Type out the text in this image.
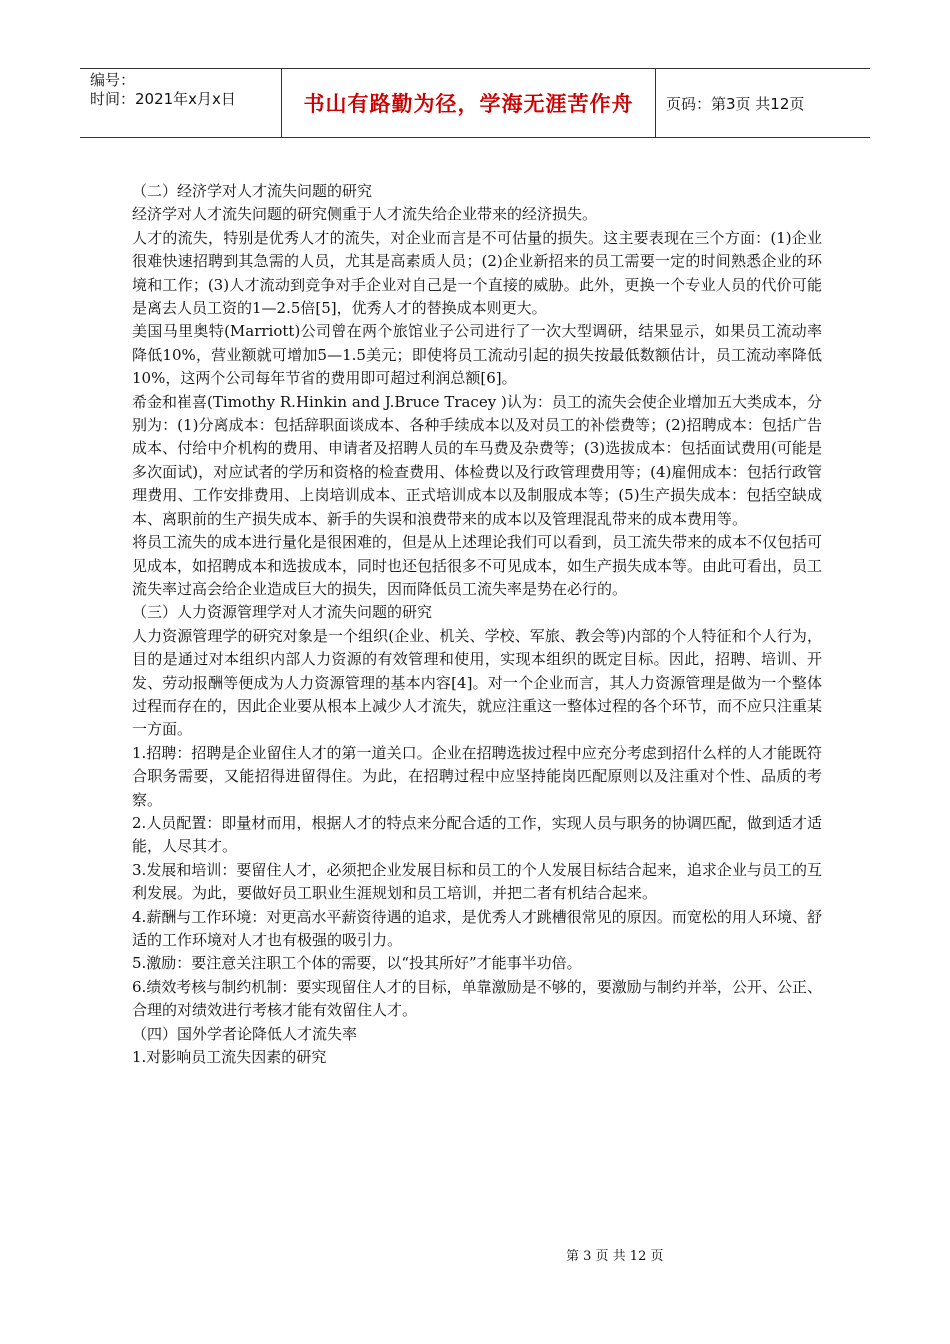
编号：
时间：2021年x月x日	书山有路勤为径，学海无涯苦作舟	页码：第3页 共12页

（二）经济学对人才流失问题的研究

经济学对人才流失问题的研究侧重于人才流失给企业带来的经济损失。

人才的流失，特别是优秀人才的流失，对企业而言是不可估量的损失。这主要表现在三个方面：(1)企业很难快速招聘到其急需的人员，尤其是高素质人员；(2)企业新招来的员工需要一定的时间熟悉企业的环境和工作；(3)人才流动到竞争对手企业对自己是一个直接的威胁。此外，更换一个专业人员的代价可能是离去人员工资的1—2.5倍[5]，优秀人才的替换成本则更大。

美国马里奥特(Marriott)公司曾在两个旅馆业子公司进行了一次大型调研，结果显示，如果员工流动率降低10%，营业额就可增加5—1.5美元；即使将员工流动引起的损失按最低数额估计，员工流动率降低10%，这两个公司每年节省的费用即可超过利润总额[6]。

希金和崔喜(Timothy R.Hinkin and J.Bruce Tracey )认为：员工的流失会使企业增加五大类成本，分别为：(1)分离成本：包括辞职面谈成本、各种手续成本以及对员工的补偿费等；(2)招聘成本：包括广告成本、付给中介机构的费用、申请者及招聘人员的车马费及杂费等；(3)选拔成本：包括面试费用(可能是多次面试)，对应试者的学历和资格的检查费用、体检费以及行政管理费用等；(4)雇佣成本：包括行政管理费用、工作安排费用、上岗培训成本、正式培训成本以及制服成本等；(5)生产损失成本：包括空缺成本、离职前的生产损失成本、新手的失误和浪费带来的成本以及管理混乱带来的成本费用等。

将员工流失的成本进行量化是很困难的，但是从上述理论我们可以看到，员工流失带来的成本不仅包括可见成本，如招聘成本和选拔成本，同时也还包括很多不可见成本，如生产损失成本等。由此可看出，员工流失率过高会给企业造成巨大的损失，因而降低员工流失率是势在必行的。

（三）人力资源管理学对人才流失问题的研究

人力资源管理学的研究对象是一个组织(企业、机关、学校、军旅、教会等)内部的个人特征和个人行为，目的是通过对本组织内部人力资源的有效管理和使用，实现本组织的既定目标。因此，招聘、培训、开发、劳动报酬等便成为人力资源管理的基本内容[4]。对一个企业而言，其人力资源管理是做为一个整体过程而存在的，因此企业要从根本上减少人才流失，就应注重这一整体过程的各个环节，而不应只注重某一方面。

1.招聘：招聘是企业留住人才的第一道关口。企业在招聘选拔过程中应充分考虑到招什么样的人才能既符合职务需要，又能招得进留得住。为此，在招聘过程中应坚持能岗匹配原则以及注重对个性、品质的考察。

2.人员配置：即量材而用，根据人才的特点来分配合适的工作，实现人员与职务的协调匹配，做到适才适能，人尽其才。

3.发展和培训：要留住人才，必须把企业发展目标和员工的个人发展目标结合起来，追求企业与员工的互利发展。为此，要做好员工职业生涯规划和员工培训，并把二者有机结合起来。

4.薪酬与工作环境：对更高水平薪资待遇的追求，是优秀人才跳槽很常见的原因。而宽松的用人环境、舒适的工作环境对人才也有极强的吸引力。

5.激励：要注意关注职工个体的需要，以“投其所好”才能事半功倍。

6.绩效考核与制约机制：要实现留住人才的目标，单靠激励是不够的，要激励与制约并举，公开、公正、合理的对绩效进行考核才能有效留住人才。

（四）国外学者论降低人才流失率

1.对影响员工流失因素的研究

第 3 页 共 12 页
